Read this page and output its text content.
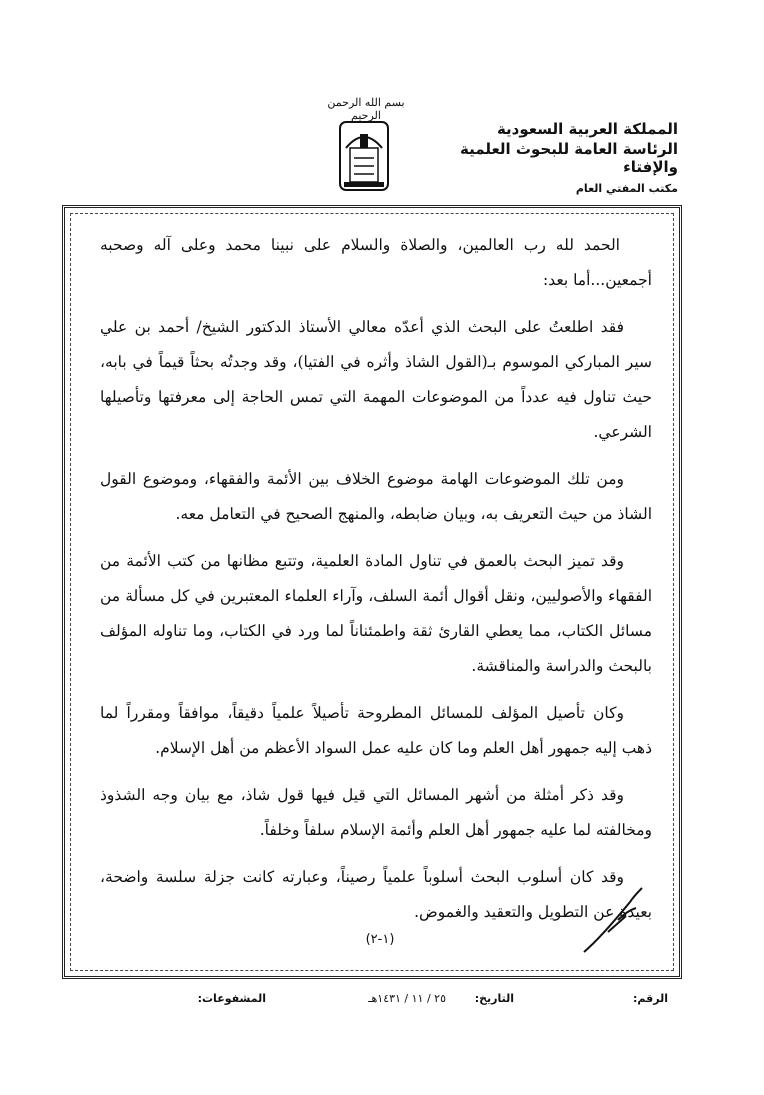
المملكة العربية السعودية
الرئاسة العامة للبحوث العلمية والإفتاء
مكتب المفتي العام
بسم الله الرحمن الرحيم

الحمد لله رب العالمين، والصلاة والسلام على نبينا محمد وعلى آله وصحبه أجمعين...أما بعد:

فقد اطلعتُ على البحث الذي أعدّه معالي الأستاذ الدكتور الشيخ/ أحمد بن علي سير المباركي الموسوم بـ(القول الشاذ وأثره في الفتيا)، وقد وجدتُه بحثاً قيماً في بابه، حيث تناول فيه عدداً من الموضوعات المهمة التي تمس الحاجة إلى معرفتها وتأصيلها الشرعي.

ومن تلك الموضوعات الهامة موضوع الخلاف بين الأئمة والفقهاء، وموضوع القول الشاذ من حيث التعريف به، وبيان ضابطه، والمنهج الصحيح في التعامل معه.

وقد تميز البحث بالعمق في تناول المادة العلمية، وتتبع مظانها من كتب الأئمة من الفقهاء والأصوليين، ونقل أقوال أئمة السلف، وآراء العلماء المعتبرين في كل مسألة من مسائل الكتاب، مما يعطي القارئ ثقة واطمئناناً لما ورد في الكتاب، وما تناوله المؤلف بالبحث والدراسة والمناقشة.

وكان تأصيل المؤلف للمسائل المطروحة تأصيلاً علمياً دقيقاً، موافقاً ومقرراً لما ذهب إليه جمهور أهل العلم وما كان عليه عمل السواد الأعظم من أهل الإسلام.

وقد ذكر أمثلة من أشهر المسائل التي قيل فيها قول شاذ، مع بيان وجه الشذوذ ومخالفته لما عليه جمهور أهل العلم وأئمة الإسلام سلفاً وخلفاً.

وقد كان أسلوب البحث أسلوباً علمياً رصيناً، وعبارته كانت جزلة سلسة واضحة، بعيدة عن التطويل والتعقيد والغموض.

(١-٢)
الرقم:
التاريخ:
٢٥ / ١١ / ١٤٣١هـ
المشفوعات:
